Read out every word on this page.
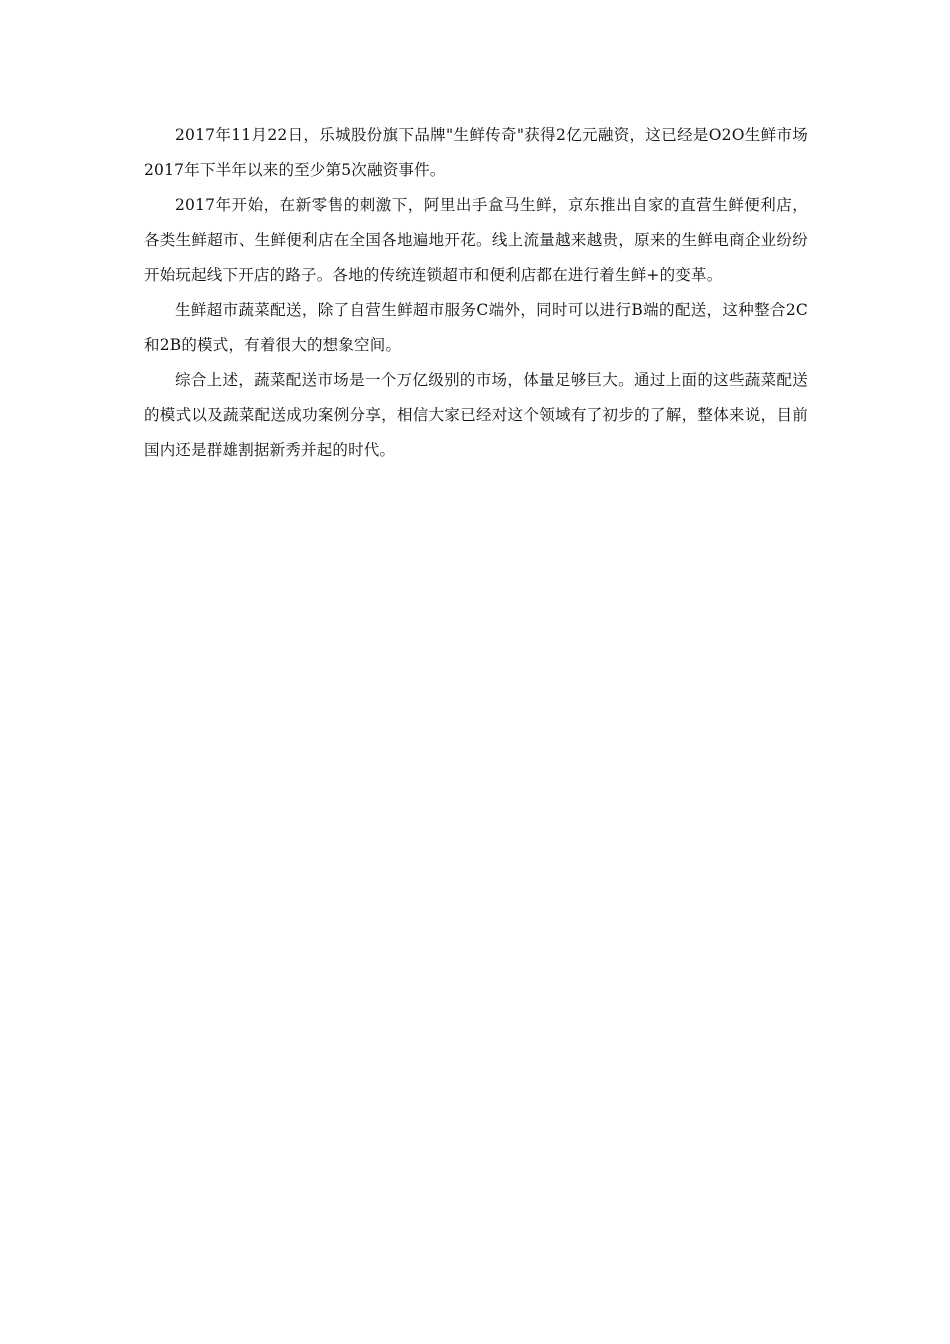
2017年11月22日，乐城股份旗下品牌"生鲜传奇"获得2亿元融资，这已经是O2O生鲜市场2017年下半年以来的至少第5次融资事件。

2017年开始，在新零售的刺激下，阿里出手盒马生鲜，京东推出自家的直营生鲜便利店，各类生鲜超市、生鲜便利店在全国各地遍地开花。线上流量越来越贵，原来的生鲜电商企业纷纷开始玩起线下开店的路子。各地的传统连锁超市和便利店都在进行着生鲜+的变革。

生鲜超市蔬菜配送，除了自营生鲜超市服务C端外，同时可以进行B端的配送，这种整合2C和2B的模式，有着很大的想象空间。

综合上述，蔬菜配送市场是一个万亿级别的市场，体量足够巨大。通过上面的这些蔬菜配送的模式以及蔬菜配送成功案例分享，相信大家已经对这个领域有了初步的了解，整体来说，目前国内还是群雄割据新秀并起的时代。
